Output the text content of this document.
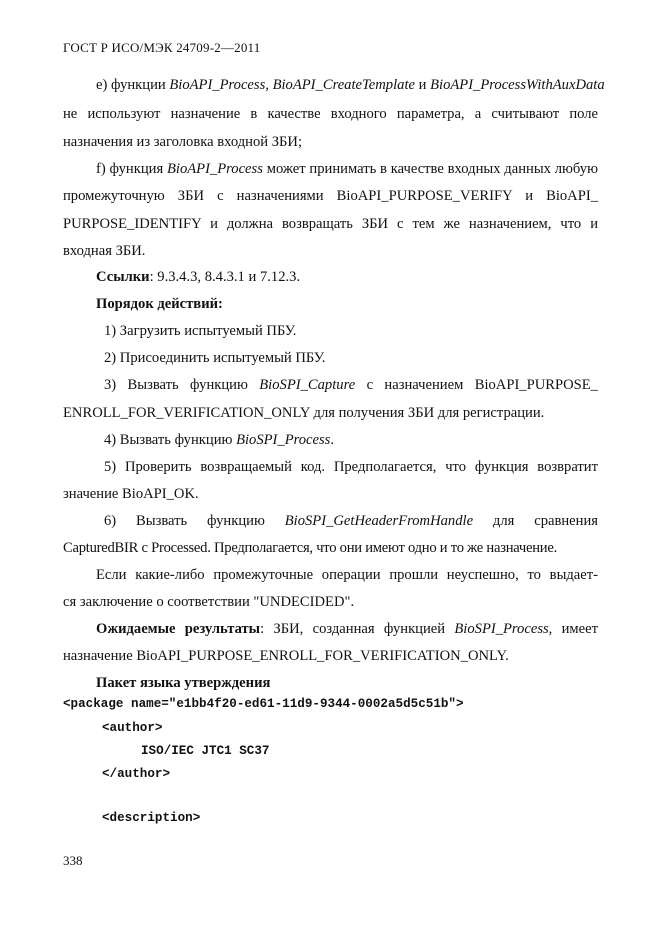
ГОСТ Р ИСО/МЭК 24709-2—2011
е) функции BioAPI_Process, BioAPI_CreateTemplate и BioAPI_ProcessWithAuxData
не используют назначение в качестве входного параметра, а считывают поле
назначения из заголовка входной ЗБИ;
f) функция BioAPI_Process может принимать в качестве входных данных любую
промежуточную ЗБИ с назначениями BioAPI_PURPOSE_VERIFY и BioAPI_
PURPOSE_IDENTIFY и должна возвращать ЗБИ с тем же назначением, что и
входная ЗБИ.
Ссылки: 9.3.4.3, 8.4.3.1 и 7.12.3.
Порядок действий:
1) Загрузить испытуемый ПБУ.
2) Присоединить испытуемый ПБУ.
3) Вызвать функцию BioSPI_Capture с назначением BioAPI_PURPOSE_
ENROLL_FOR_VERIFICATION_ONLY для получения ЗБИ для регистрации.
4) Вызвать функцию BioSPI_Process.
5) Проверить возвращаемый код. Предполагается, что функция возвратит
значение BioAPI_OK.
6) Вызвать функцию BioSPI_GetHeaderFromHandle для сравнения
CapturedBIR с Processed. Предполагается, что они имеют одно и то же назначение.
Если какие-либо промежуточные операции прошли неуспешно, то выдает-
ся заключение о соответствии "UNDECIDED".
Ожидаемые результаты: ЗБИ, созданная функцией BioSPI_Process, имеет
назначение BioAPI_PURPOSE_ENROLL_FOR_VERIFICATION_ONLY.
Пакет языка утверждения
<package name="e1bb4f20-ed61-11d9-9344-0002a5d5c51b">
<author>
ISO/IEC JTC1 SC37
</author>
<description>
338
